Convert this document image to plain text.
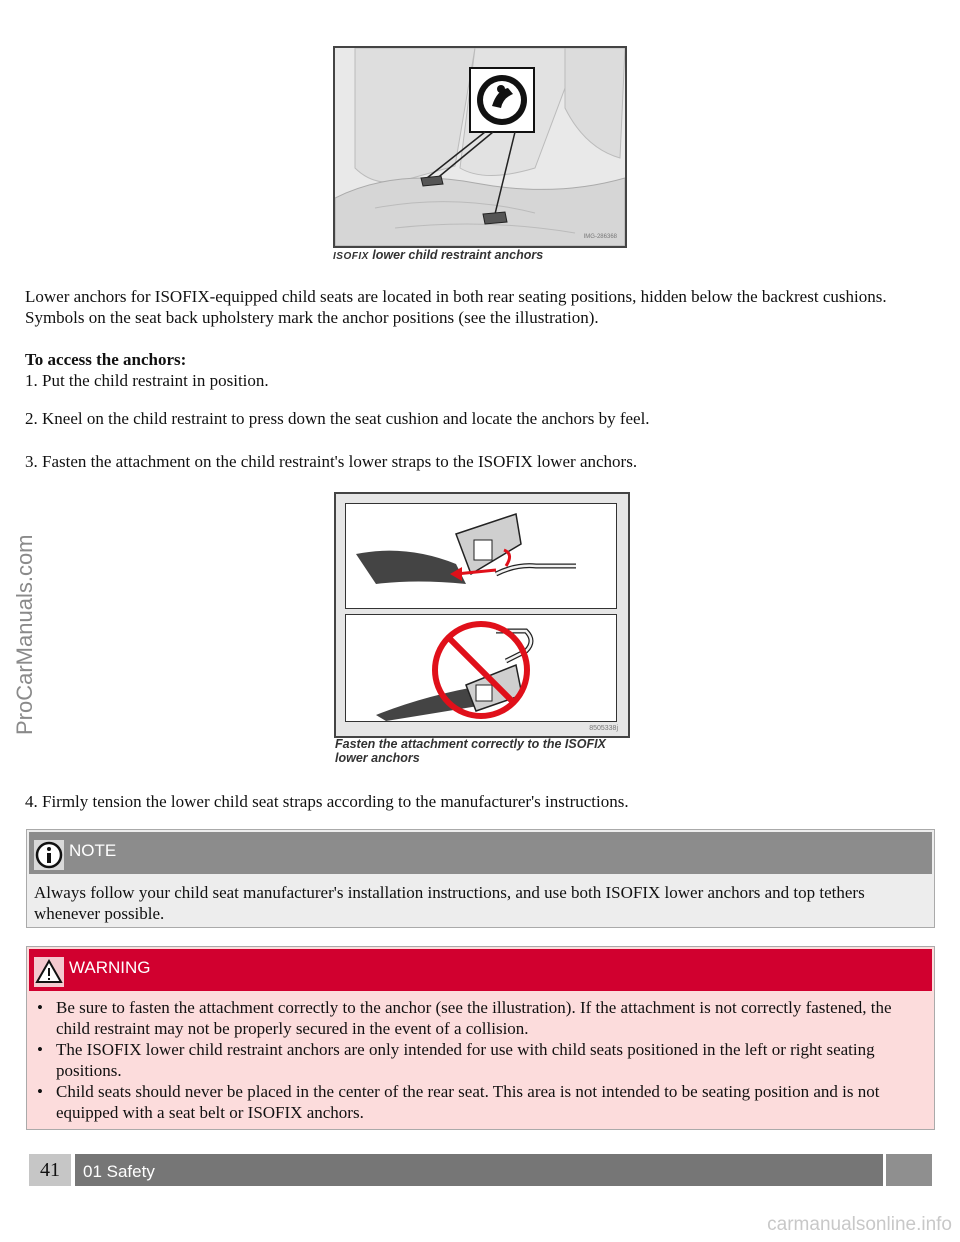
IMG-286368
ISOFIX lower child restraint anchors

Lower anchors for ISOFIX-equipped child seats are located in both rear seating positions, hidden below the backrest cushions. Symbols on the seat back upholstery mark the anchor positions (see the illustration).

To access the anchors:
1. Put the child restraint in position.
2. Kneel on the child restraint to press down the seat cushion and locate the anchors by feel.
3. Fasten the attachment on the child restraint's lower straps to the ISOFIX lower anchors.
8505338j
Fasten the attachment correctly to the ISOFIX
lower anchors
4. Firmly tension the lower child seat straps according to the manufacturer's instructions.
NOTE
Always follow your child seat manufacturer's installation instructions, and use both ISOFIX lower anchors and top tethers whenever possible.
WARNING
• Be sure to fasten the attachment correctly to the anchor (see the illustration). If the attachment is not correctly fastened, the child restraint may not be properly secured in the event of a collision.
• The ISOFIX lower child restraint anchors are only intended for use with child seats positioned in the left or right seating positions.
• Child seats should never be placed in the center of the rear seat. This area is not intended to be seating position and is not equipped with a seat belt or ISOFIX anchors.
41	01 Safety
ProCarManuals.com
carmanualsonline.info
